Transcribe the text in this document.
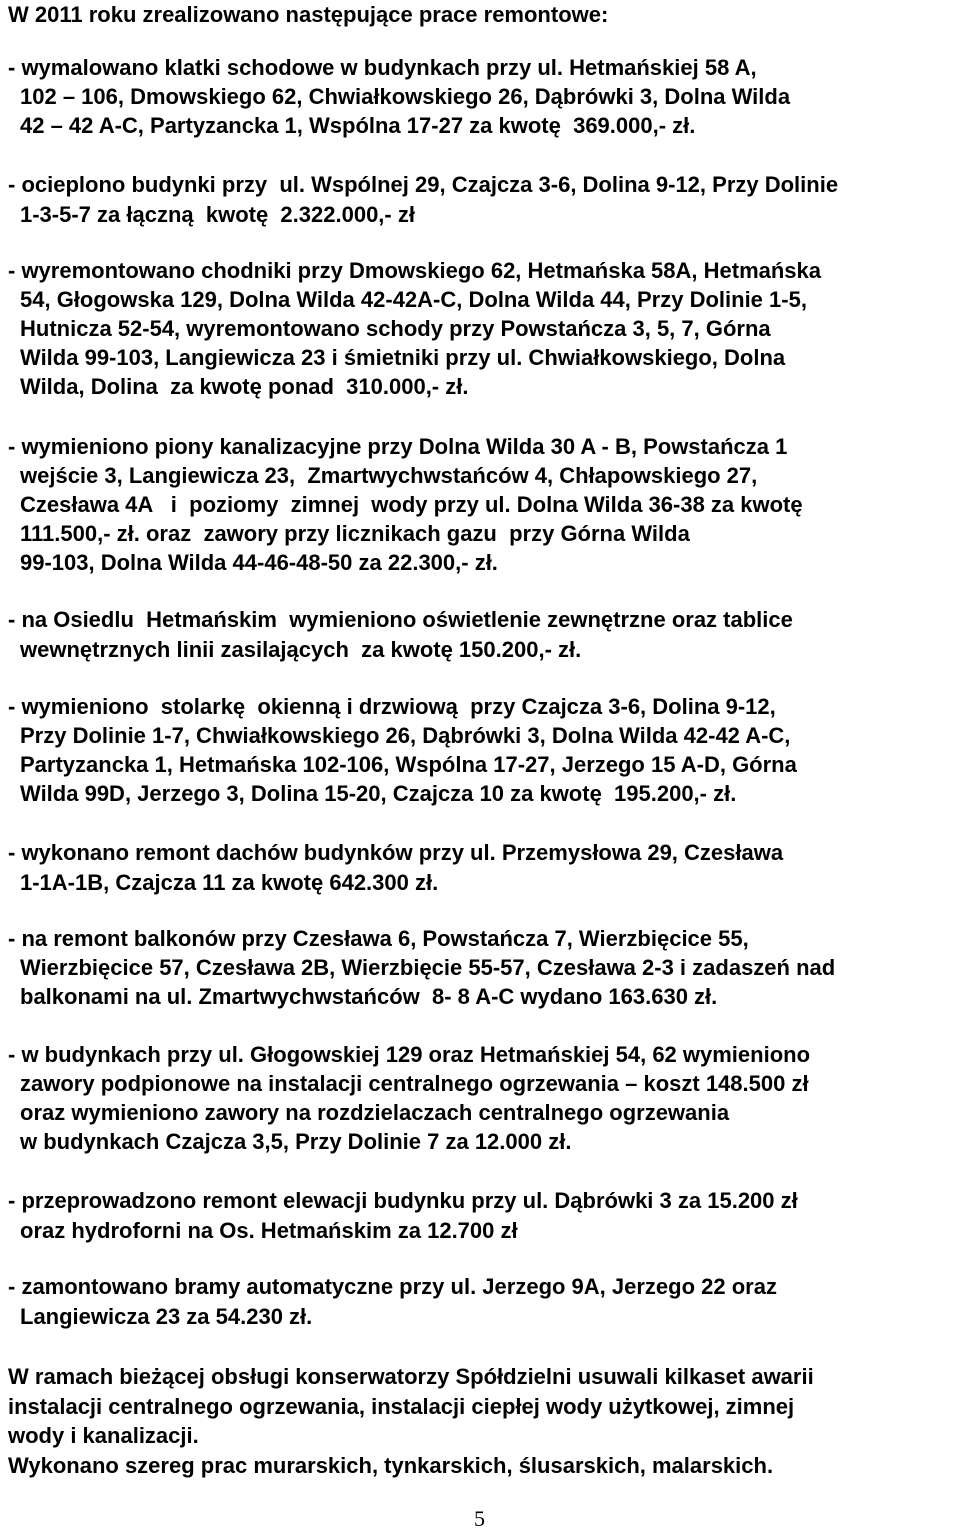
W 2011 roku zrealizowano następujące prace remontowe:
- wymalowano klatki schodowe w budynkach przy ul. Hetmańskiej 58 A,
102 – 106, Dmowskiego 62, Chwiałkowskiego 26, Dąbrówki 3, Dolna Wilda
42 – 42 A-C, Partyzancka 1, Wspólna 17-27 za kwotę  369.000,- zł.
- ocieplono budynki przy  ul. Wspólnej 29, Czajcza 3-6, Dolina 9-12, Przy Dolinie
1-3-5-7 za łączną  kwotę  2.322.000,- zł
- wyremontowano chodniki przy Dmowskiego 62, Hetmańska 58A, Hetmańska
54, Głogowska 129, Dolna Wilda 42-42A-C, Dolna Wilda 44, Przy Dolinie 1-5,
Hutnicza 52-54, wyremontowano schody przy Powstańcza 3, 5, 7, Górna
Wilda 99-103, Langiewicza 23 i śmietniki przy ul. Chwiałkowskiego, Dolna
Wilda, Dolina  za kwotę ponad  310.000,- zł.
- wymieniono piony kanalizacyjne przy Dolna Wilda 30 A - B, Powstańcza 1
wejście 3, Langiewicza 23,  Zmartwychwstańców 4, Chłapowskiego 27,
Czesława 4A   i  poziomy  zimnej  wody przy ul. Dolna Wilda 36-38 za kwotę
111.500,- zł. oraz  zawory przy licznikach gazu  przy Górna Wilda
99-103, Dolna Wilda 44-46-48-50 za 22.300,- zł.
- na Osiedlu  Hetmańskim  wymieniono oświetlenie zewnętrzne oraz tablice
wewnętrznych linii zasilających  za kwotę 150.200,- zł.
- wymieniono  stolarkę  okienną i drzwiową  przy Czajcza 3-6, Dolina 9-12,
Przy Dolinie 1-7, Chwiałkowskiego 26, Dąbrówki 3, Dolna Wilda 42-42 A-C,
Partyzancka 1, Hetmańska 102-106, Wspólna 17-27, Jerzego 15 A-D, Górna
Wilda 99D, Jerzego 3, Dolina 15-20, Czajcza 10 za kwotę  195.200,- zł.
- wykonano remont dachów budynków przy ul. Przemysłowa 29, Czesława
1-1A-1B, Czajcza 11 za kwotę 642.300 zł.
- na remont balkonów przy Czesława 6, Powstańcza 7, Wierzbięcice 55,
Wierzbięcice 57, Czesława 2B, Wierzbięcie 55-57, Czesława 2-3 i zadaszeń nad
balkonami na ul. Zmartwychwstańców  8- 8 A-C wydano 163.630 zł.
- w budynkach przy ul. Głogowskiej 129 oraz Hetmańskiej 54, 62 wymieniono
zawory podpionowe na instalacji centralnego ogrzewania – koszt 148.500 zł
oraz wymieniono zawory na rozdzielaczach centralnego ogrzewania
w budynkach Czajcza 3,5, Przy Dolinie 7 za 12.000 zł.
- przeprowadzono remont elewacji budynku przy ul. Dąbrówki 3 za 15.200 zł
oraz hydroforni na Os. Hetmańskim za 12.700 zł
- zamontowano bramy automatyczne przy ul. Jerzego 9A, Jerzego 22 oraz
Langiewicza 23 za 54.230 zł.
W ramach bieżącej obsługi konserwatorzy Spółdzielni usuwali kilkaset awarii
instalacji centralnego ogrzewania, instalacji ciepłej wody użytkowej, zimnej
wody i kanalizacji.
Wykonano szereg prac murarskich, tynkarskich, ślusarskich, malarskich.
5
